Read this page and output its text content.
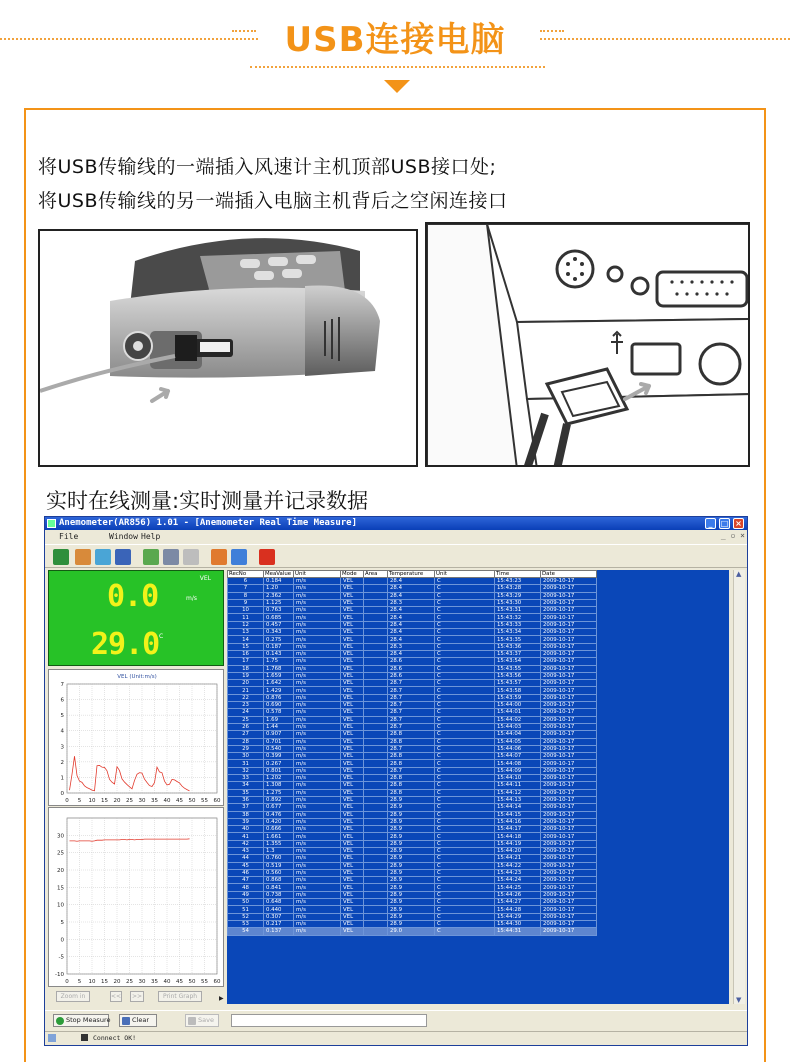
USB连接电脑
将USB传输线的一端插入风速计主机顶部USB接口处;
将USB传输线的另一端插入电脑主机背后之空闲连接口
实时在线测量:实时测量并记录数据
Anemometer(AR856) 1.01 - [Anemometer Real Time Measure]	_	□ ×
File	Window Help	_ ▫ ×
VEL
0.0	m/s
29.0 C
VEL (Unit:m/s)
7
6
5
4
3
2
1
0
0 5 10 15 20 25 30 35 40 45 50 55 60
30
25
20
15
10
5
0
-5
-10
0 5 10 15 20 25 30 35 40 45 50 55 60
Zoom in	<<	>>	Print Graph	▶
RecNo	MeaValue	Unit	Mode	Area	Temperature	Unit	Time	Date
6	0.184	m/s	VEL		28.4	C	15:43:23	2009-10-17
7	1.20	m/s	VEL		28.4	C	15:43:28	2009-10-17
8	2.362	m/s	VEL		28.4	C	15:43:29	2009-10-17
9	1.125	m/s	VEL		28.3	C	15:43:30	2009-10-17
10	0.763	m/s	VEL		28.4	C	15:43:31	2009-10-17
11	0.685	m/s	VEL		28.4	C	15:43:32	2009-10-17
12	0.457	m/s	VEL		28.4	C	15:43:33	2009-10-17
13	0.343	m/s	VEL		28.4	C	15:43:34	2009-10-17
14	0.275	m/s	VEL		28.4	C	15:43:35	2009-10-17
15	0.187	m/s	VEL		28.3	C	15:43:36	2009-10-17
16	0.143	m/s	VEL		28.4	C	15:43:37	2009-10-17
17	1.75	m/s	VEL		28.6	C	15:43:54	2009-10-17
18	1.768	m/s	VEL		28.6	C	15:43:55	2009-10-17
19	1.659	m/s	VEL		28.6	C	15:43:56	2009-10-17
20	1.642	m/s	VEL		28.7	C	15:43:57	2009-10-17
21	1.429	m/s	VEL		28.7	C	15:43:58	2009-10-17
22	0.876	m/s	VEL		28.7	C	15:43:59	2009-10-17
23	0.690	m/s	VEL		28.7	C	15:44:00	2009-10-17
24	0.578	m/s	VEL		28.7	C	15:44:01	2009-10-17
25	1.69	m/s	VEL		28.7	C	15:44:02	2009-10-17
26	1.44	m/s	VEL		28.7	C	15:44:03	2009-10-17
27	0.907	m/s	VEL		28.8	C	15:44:04	2009-10-17
28	0.701	m/s	VEL		28.8	C	15:44:05	2009-10-17
29	0.540	m/s	VEL		28.7	C	15:44:06	2009-10-17
30	0.399	m/s	VEL		28.8	C	15:44:07	2009-10-17
31	0.267	m/s	VEL		28.8	C	15:44:08	2009-10-17
32	0.801	m/s	VEL		28.7	C	15:44:09	2009-10-17
33	1.202	m/s	VEL		28.8	C	15:44:10	2009-10-17
34	1.308	m/s	VEL		28.8	C	15:44:11	2009-10-17
35	1.275	m/s	VEL		28.8	C	15:44:12	2009-10-17
36	0.892	m/s	VEL		28.9	C	15:44:13	2009-10-17
37	0.677	m/s	VEL		28.9	C	15:44:14	2009-10-17
38	0.476	m/s	VEL		28.9	C	15:44:15	2009-10-17
39	0.420	m/s	VEL		28.9	C	15:44:16	2009-10-17
40	0.666	m/s	VEL		28.9	C	15:44:17	2009-10-17
41	1.661	m/s	VEL		28.9	C	15:44:18	2009-10-17
42	1.355	m/s	VEL		28.9	C	15:44:19	2009-10-17
43	1.3	m/s	VEL		28.9	C	15:44:20	2009-10-17
44	0.760	m/s	VEL		28.9	C	15:44:21	2009-10-17
45	0.519	m/s	VEL		28.9	C	15:44:22	2009-10-17
46	0.560	m/s	VEL		28.9	C	15:44:23	2009-10-17
47	0.868	m/s	VEL		28.9	C	15:44:24	2009-10-17
48	0.841	m/s	VEL		28.9	C	15:44:25	2009-10-17
49	0.738	m/s	VEL		28.9	C	15:44:26	2009-10-17
50	0.648	m/s	VEL		28.9	C	15:44:27	2009-10-17
51	0.440	m/s	VEL		28.9	C	15:44:28	2009-10-17
52	0.307	m/s	VEL		28.9	C	15:44:29	2009-10-17
53	0.217	m/s	VEL		28.9	C	15:44:30	2009-10-17
54	0.137	m/s	VEL		29.0	C	15:44:31	2009-10-17
▲
▼
Stop Measure	Clear	Save
Connect OK!
